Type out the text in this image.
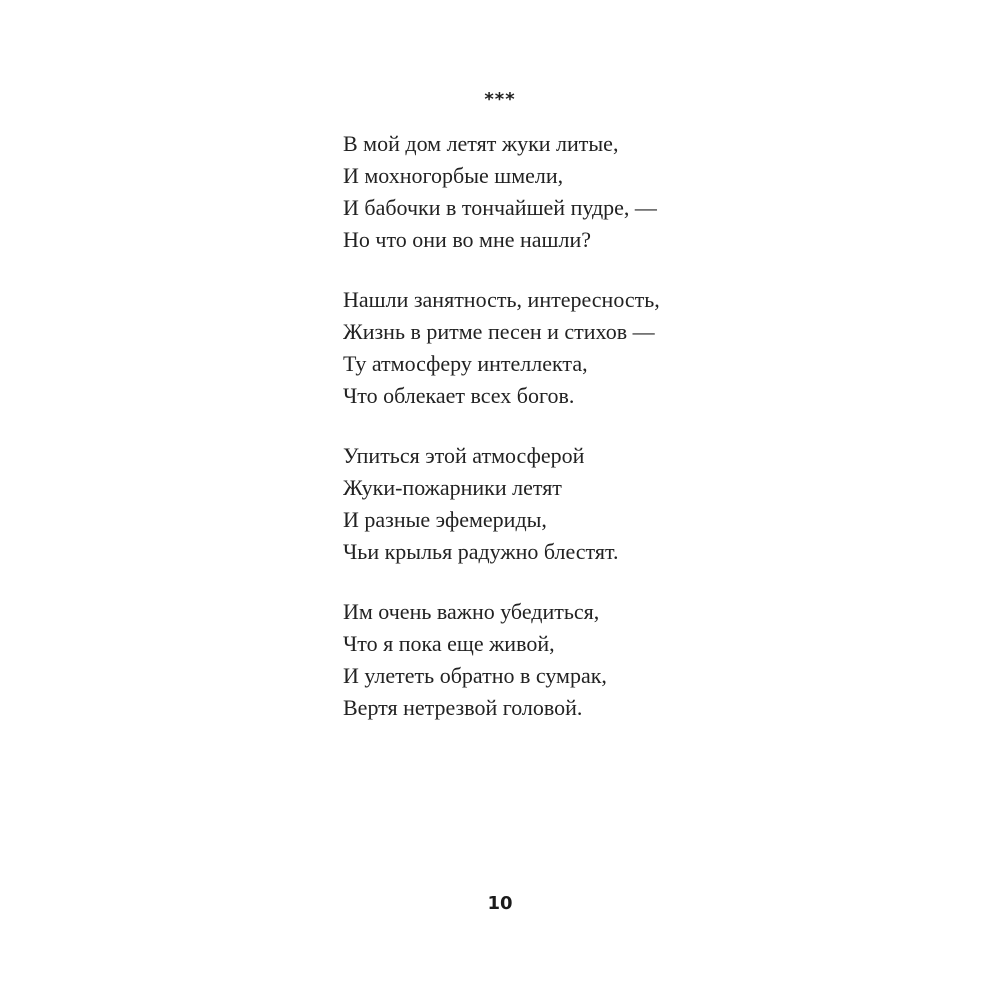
***
В мой дом летят жуки литые,
И мохногорбые шмели,
И бабочки в тончайшей пудре, —
Но что они во мне нашли?
Нашли занятность, интересность,
Жизнь в ритме песен и стихов —
Ту атмосферу интеллекта,
Что облекает всех богов.
Упиться этой атмосферой
Жуки-пожарники летят
И разные эфемериды,
Чьи крылья радужно блестят.
Им очень важно убедиться,
Что я пока еще живой,
И улететь обратно в сумрак,
Вертя нетрезвой головой.
10
